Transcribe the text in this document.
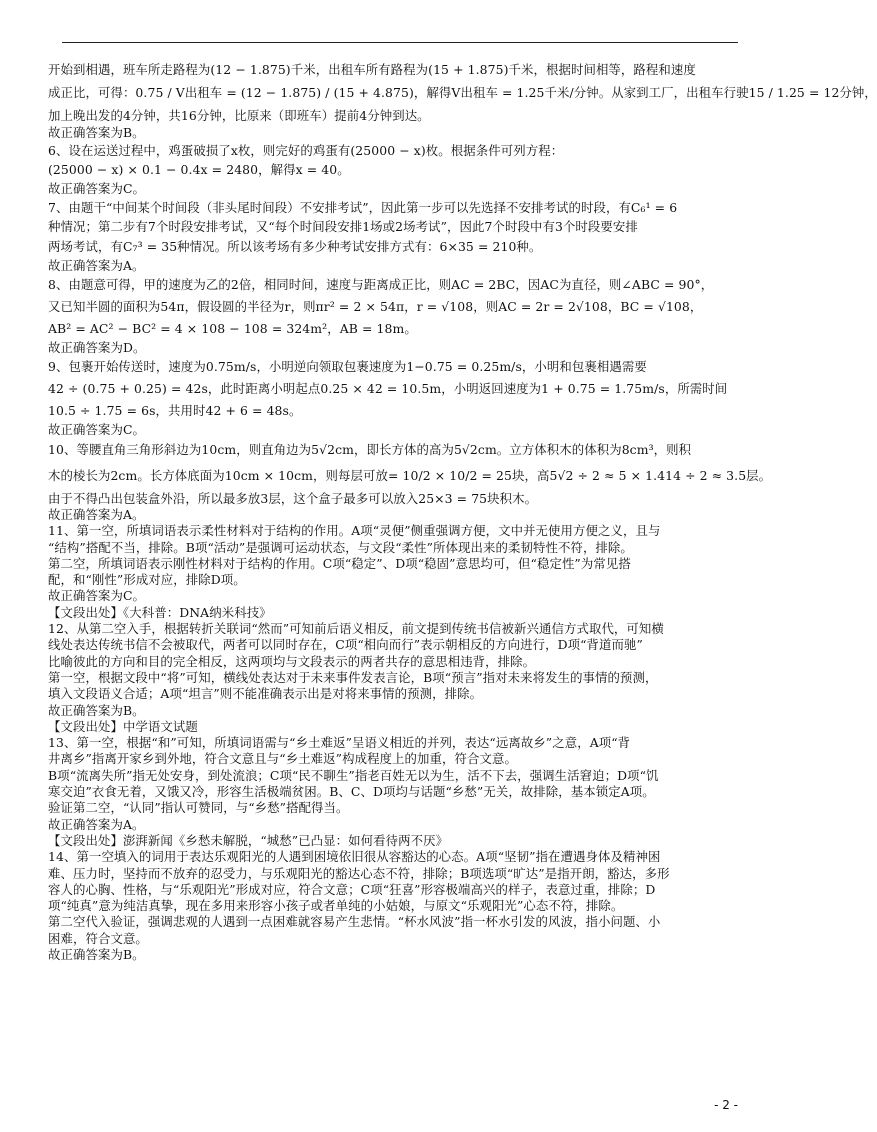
开始到相遇，班车所走路程为(12 − 1.875)千米，出租车所有路程为(15 + 1.875)千米，根据时间相等，路程和速度
成正比，可得：0.75 / V出租车 = (12 − 1.875) / (15 + 4.875)，解得V出租车 = 1.25千米/分钟。从家到工厂，出租车行驶15 / 1.25 = 12分钟，
加上晚出发的4分钟，共16分钟，比原来（即班车）提前4分钟到达。
故正确答案为B。
6、设在运送过程中，鸡蛋破损了x枚，则完好的鸡蛋有(25000 − x)枚。根据条件可列方程：
(25000 − x) × 0.1 − 0.4x = 2480，解得x = 40。
故正确答案为C。
7、由题干“中间某个时间段（非头尾时间段）不安排考试”，因此第一步可以先选择不安排考试的时段，有C₆¹ = 6
种情况；第二步有7个时段安排考试，又“每个时间段安排1场或2场考试”，因此7个时段中有3个时段要安排
两场考试，有C₇³ = 35种情况。所以该考场有多少种考试安排方式有：6×35 = 210种。
故正确答案为A。
8、由题意可得，甲的速度为乙的2倍，相同时间，速度与距离成正比，则AC = 2BC，因AC为直径，则∠ABC = 90°，
又已知半圆的面积为54π，假设圆的半径为r，则πr² = 2 × 54π，r = √108，则AC = 2r = 2√108，BC = √108，
AB² = AC² − BC² = 4 × 108 − 108 = 324m²，AB = 18m。
故正确答案为D。
9、包裹开始传送时，速度为0.75m/s，小明逆向领取包裹速度为1−0.75 = 0.25m/s，小明和包裹相遇需要
42 ÷ (0.75 + 0.25) = 42s，此时距离小明起点0.25 × 42 = 10.5m，小明返回速度为1 + 0.75 = 1.75m/s，所需时间
10.5 ÷ 1.75 = 6s，共用时42 + 6 = 48s。
故正确答案为C。
10、等腰直角三角形斜边为10cm，则直角边为5√2cm，即长方体的高为5√2cm。立方体积木的体积为8cm³，则积
木的棱长为2cm。长方体底面为10cm × 10cm，则每层可放= 10/2 × 10/2 = 25块，高5√2 ÷ 2 ≈ 5 × 1.414 ÷ 2 ≈ 3.5层。
由于不得凸出包装盒外沿，所以最多放3层，这个盒子最多可以放入25×3 = 75块积木。
故正确答案为A。
11、第一空，所填词语表示柔性材料对于结构的作用。A项“灵便”侧重强调方便，文中并无使用方便之义，且与
“结构”搭配不当，排除。B项“活动”是强调可运动状态，与文段“柔性”所体现出来的柔韧特性不符，排除。
第二空，所填词语表示刚性材料对于结构的作用。C项“稳定”、D项“稳固”意思均可，但“稳定性”为常见搭
配，和“刚性”形成对应，排除D项。
故正确答案为C。
【文段出处】《大科普：DNA纳米科技》
12、从第二空入手，根据转折关联词“然而”可知前后语义相反，前文提到传统书信被新兴通信方式取代，可知横
线处表达传统书信不会被取代，两者可以同时存在，C项“相向而行”表示朝相反的方向进行，D项“背道而驰”
比喻彼此的方向和目的完全相反，这两项均与文段表示的两者共存的意思相违背，排除。
第一空，根据文段中“将”可知，横线处表达对于未来事件发表言论，B项“预言”指对未来将发生的事情的预测，
填入文段语义合适；A项“坦言”则不能准确表示出是对将来事情的预测，排除。
故正确答案为B。
【文段出处】中学语文试题
13、第一空，根据“和”可知，所填词语需与“乡土难返”呈语义相近的并列，表达“远离故乡”之意，A项“背
井离乡”指离开家乡到外地，符合文意且与“乡土难返”构成程度上的加重，符合文意。
B项“流离失所”指无处安身，到处流浪；C项“民不聊生”指老百姓无以为生，活不下去，强调生活窘迫；D项“饥
寒交迫”衣食无着，又饿又冷，形容生活极端贫困。B、C、D项均与话题“乡愁”无关，故排除，基本锁定A项。
验证第二空，“认同”指认可赞同，与“乡愁”搭配得当。
故正确答案为A。
【文段出处】澎湃新闻《乡愁未解脱，“城愁”已凸显：如何看待两不厌》
14、第一空填入的词用于表达乐观阳光的人遇到困境依旧很从容豁达的心态。A项“坚韧”指在遭遇身体及精神困
难、压力时，坚持而不放弃的忍受力，与乐观阳光的豁达心态不符，排除；B项选项“旷达”是指开朗，豁达，多形
容人的心胸、性格，与“乐观阳光”形成对应，符合文意；C项“狂喜”形容极端高兴的样子，表意过重，排除；D
项“纯真”意为纯洁真挚，现在多用来形容小孩子或者单纯的小姑娘，与原文“乐观阳光”心态不符，排除。
第二空代入验证，强调悲观的人遇到一点困难就容易产生悲情。“杯水风波”指一杯水引发的风波，指小问题、小
困难，符合文意。
故正确答案为B。
- 2 -
